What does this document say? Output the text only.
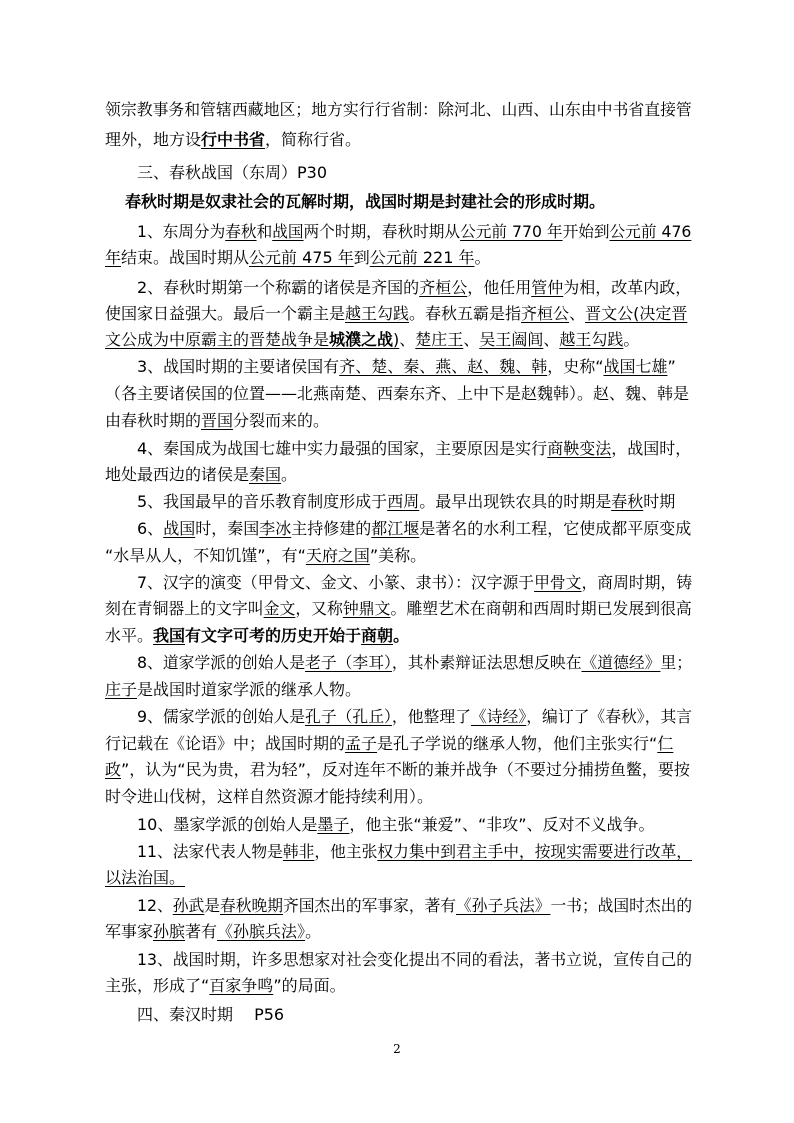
领宗教事务和管辖西藏地区；地方实行行省制：除河北、山西、山东由中书省直接管
理外，地方设行中书省，简称行省。
三、春秋战国（东周）P30
春秋时期是奴隶社会的瓦解时期，战国时期是封建社会的形成时期。
1、东周分为春秋和战国两个时期，春秋时期从公元前 770 年开始到公元前 476
年结束。战国时期从公元前 475 年到公元前 221 年。
2、春秋时期第一个称霸的诸侯是齐国的齐桓公，他任用管仲为相，改革内政，
使国家日益强大。最后一个霸主是越王勾践。春秋五霸是指齐桓公、晋文公(决定晋
文公成为中原霸主的晋楚战争是城濮之战)、楚庄王、吴王阖闾、越王勾践。
3、战国时期的主要诸侯国有齐、楚、秦、燕、赵、魏、韩，史称“战国七雄”
（各主要诸侯国的位置——北燕南楚、西秦东齐、上中下是赵魏韩）。赵、魏、韩是
由春秋时期的晋国分裂而来的。
4、秦国成为战国七雄中实力最强的国家，主要原因是实行商鞅变法，战国时，
地处最西边的诸侯是秦国。
5、我国最早的音乐教育制度形成于西周。最早出现铁农具的时期是春秋时期
6、战国时，秦国李冰主持修建的都江堰是著名的水利工程，它使成都平原变成
“水旱从人，不知饥馑”，有“天府之国”美称。
7、汉字的演变（甲骨文、金文、小篆、隶书）：汉字源于甲骨文，商周时期，铸
刻在青铜器上的文字叫金文，又称钟鼎文。雕塑艺术在商朝和西周时期已发展到很高
水平。我国有文字可考的历史开始于商朝。
8、道家学派的创始人是老子（李耳），其朴素辩证法思想反映在《道德经》里；
庄子是战国时道家学派的继承人物。
9、儒家学派的创始人是孔子（孔丘），他整理了《诗经》，编订了《春秋》，其言
行记载在《论语》中；战国时期的孟子是孔子学说的继承人物，他们主张实行“仁
政”，认为“民为贵，君为轻”，反对连年不断的兼并战争（不要过分捕捞鱼鳖，要按
时令进山伐树，这样自然资源才能持续利用）。
10、墨家学派的创始人是墨子，他主张“兼爱”、“非攻”、反对不义战争。
11、法家代表人物是韩非，他主张权力集中到君主手中，按现实需要进行改革，
以法治国。
12、孙武是春秋晚期齐国杰出的军事家，著有《孙子兵法》一书；战国时杰出的
军事家孙膑著有《孙膑兵法》。
13、战国时期，许多思想家对社会变化提出不同的看法，著书立说，宣传自己的
主张，形成了“百家争鸣”的局面。
四、秦汉时期　 P56
2
